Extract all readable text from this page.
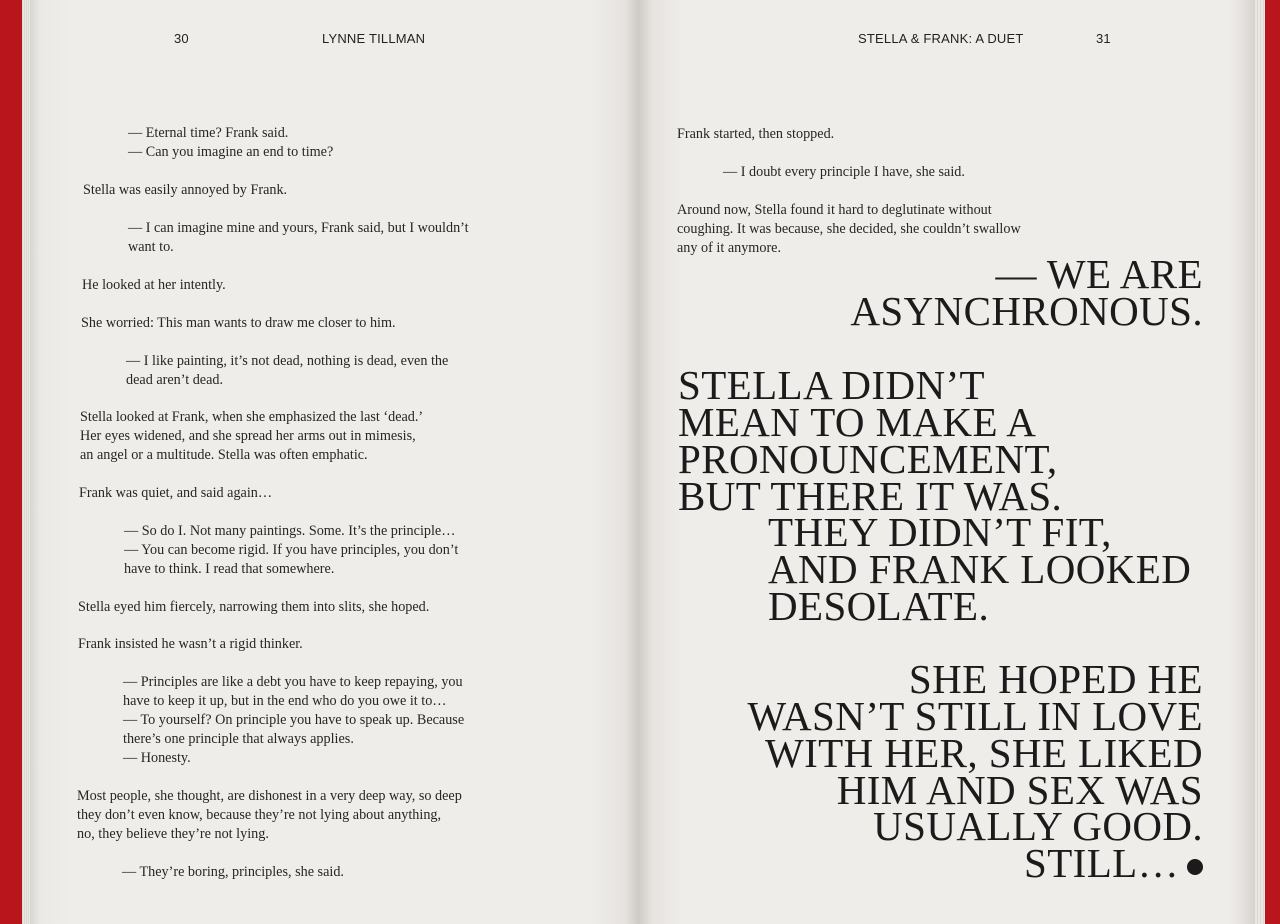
30	LYNNE TILLMAN
— Eternal time? Frank said.
— Can you imagine an end to time?
Stella was easily annoyed by Frank.
— I can imagine mine and yours, Frank said, but I wouldn’t
want to.
He looked at her intently.
She worried: This man wants to draw me closer to him.
— I like painting, it’s not dead, nothing is dead, even the
dead aren’t dead.
Stella looked at Frank, when she emphasized the last ‘dead.’
Her eyes widened, and she spread her arms out in mimesis,
an angel or a multitude. Stella was often emphatic.
Frank was quiet, and said again…
— So do I. Not many paintings. Some. It’s the principle…
— You can become rigid. If you have principles, you don’t
have to think. I read that somewhere.
Stella eyed him fiercely, narrowing them into slits, she hoped.
Frank insisted he wasn’t a rigid thinker.
— Principles are like a debt you have to keep repaying, you
have to keep it up, but in the end who do you owe it to…
— To yourself? On principle you have to speak up. Because
there’s one principle that always applies.
— Honesty.
Most people, she thought, are dishonest in a very deep way, so deep
they don’t even know, because they’re not lying about anything,
no, they believe they’re not lying.
— They’re boring, principles, she said.
STELLA & FRANK: A DUET	31
Frank started, then stopped.
— I doubt every principle I have, she said.
Around now, Stella found it hard to deglutinate without
coughing. It was because, she decided, she couldn’t swallow
any of it anymore.
— WE ARE
ASYNCHRONOUS.
STELLA DIDN’T
MEAN TO MAKE A
PRONOUNCEMENT,
BUT THERE IT WAS.
THEY DIDN’T FIT,
AND FRANK LOOKED
DESOLATE.
SHE HOPED HE
WASN’T STILL IN LOVE
WITH HER, SHE LIKED
HIM AND SEX WAS
USUALLY GOOD.
STILL…
